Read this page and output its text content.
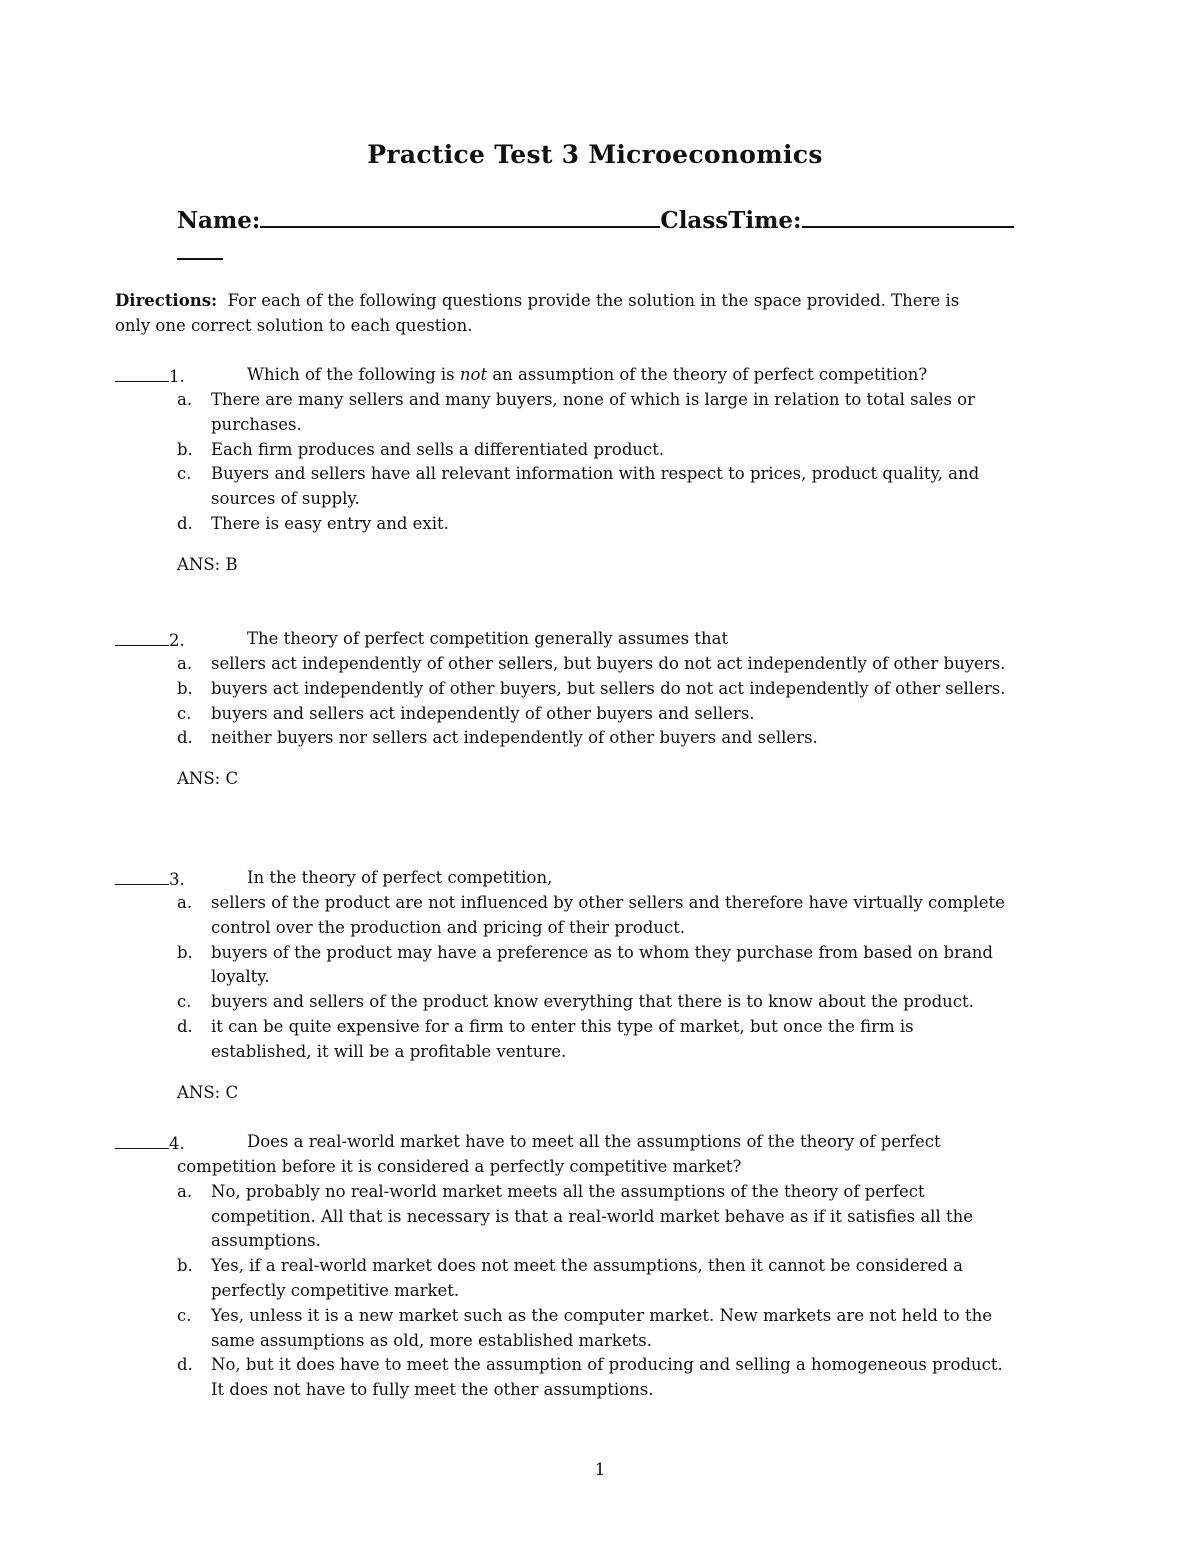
Practice Test 3 Microeconomics
Name:	ClassTime:
Directions: For each of the following questions provide the solution in the space provided. There is only one correct solution to each question.
1.	Which of the following is not an assumption of the theory of perfect competition?
a. There are many sellers and many buyers, none of which is large in relation to total sales or purchases.
b. Each firm produces and sells a differentiated product.
c. Buyers and sellers have all relevant information with respect to prices, product quality, and sources of supply.
d. There is easy entry and exit.
ANS: B
2.	The theory of perfect competition generally assumes that
a. sellers act independently of other sellers, but buyers do not act independently of other buyers.
b. buyers act independently of other buyers, but sellers do not act independently of other sellers.
c. buyers and sellers act independently of other buyers and sellers.
d. neither buyers nor sellers act independently of other buyers and sellers.
ANS: C
3.	In the theory of perfect competition,
a. sellers of the product are not influenced by other sellers and therefore have virtually complete control over the production and pricing of their product.
b. buyers of the product may have a preference as to whom they purchase from based on brand loyalty.
c. buyers and sellers of the product know everything that there is to know about the product.
d. it can be quite expensive for a firm to enter this type of market, but once the firm is established, it will be a profitable venture.
ANS: C
4.	Does a real-world market have to meet all the assumptions of the theory of perfect
competition before it is considered a perfectly competitive market?
a. No, probably no real-world market meets all the assumptions of the theory of perfect competition. All that is necessary is that a real-world market behave as if it satisfies all the assumptions.
b. Yes, if a real-world market does not meet the assumptions, then it cannot be considered a perfectly competitive market.
c. Yes, unless it is a new market such as the computer market. New markets are not held to the same assumptions as old, more established markets.
d. No, but it does have to meet the assumption of producing and selling a homogeneous product. It does not have to fully meet the other assumptions.
1
